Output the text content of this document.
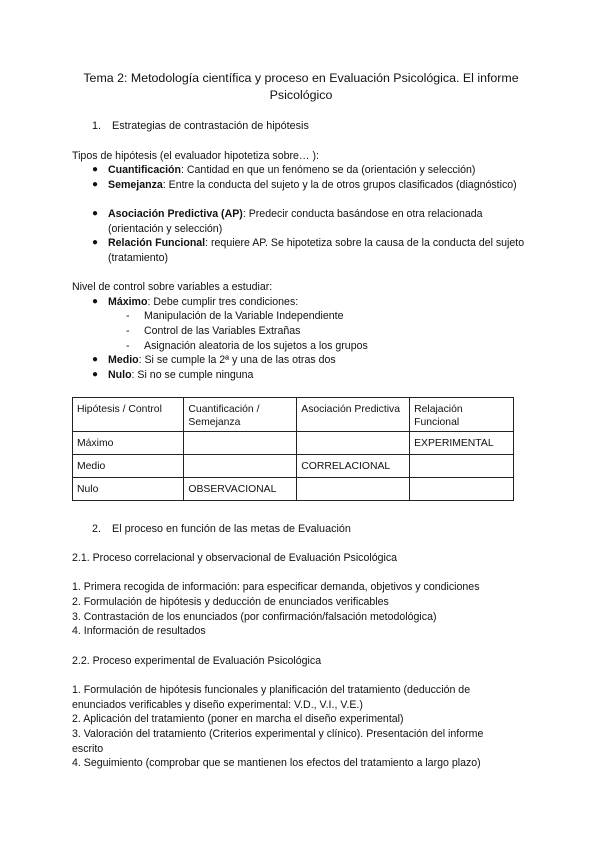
Tema 2: Metodología científica y proceso en Evaluación Psicológica. El informe
Psicológico
1. Estrategias de contrastación de hipótesis
Tipos de hipótesis (el evaluador hipotetiza sobre… ):
● Cuantificación: Cantidad en que un fenómeno se da (orientación y selección)
● Semejanza: Entre la conducta del sujeto y la de otros grupos clasificados (diagnóstico)
● Asociación Predictiva (AP): Predecir conducta basándose en otra relacionada (orientación y selección)
● Relación Funcional: requiere AP. Se hipotetiza sobre la causa de la conducta del sujeto (tratamiento)
Nivel de control sobre variables a estudiar:
● Máximo: Debe cumplir tres condiciones:
- Manipulación de la Variable Independiente
- Control de las Variables Extrañas
- Asignación aleatoria de los sujetos a los grupos
● Medio: Si se cumple la 2ª y una de las otras dos
● Nulo: Si no se cumple ninguna
Hipótesis / Control	Cuantificación / Semejanza	Asociación Predictiva	Relajación Funcional
Máximo			EXPERIMENTAL
Medio		CORRELACIONAL	
Nulo	OBSERVACIONAL		
2. El proceso en función de las metas de Evaluación
2.1. Proceso correlacional y observacional de Evaluación Psicológica
1. Primera recogida de información: para especificar demanda, objetivos y condiciones
2. Formulación de hipótesis y deducción de enunciados verificables
3. Contrastación de los enunciados (por confirmación/falsación metodológica)
4. Información de resultados
2.2. Proceso experimental de Evaluación Psicológica
1. Formulación de hipótesis funcionales y planificación del tratamiento (deducción de enunciados verificables y diseño experimental: V.D., V.I., V.E.)
2. Aplicación del tratamiento (poner en marcha el diseño experimental)
3. Valoración del tratamiento (Criterios experimental y clínico). Presentación del informe escrito
4. Seguimiento (comprobar que se mantienen los efectos del tratamiento a largo plazo)
